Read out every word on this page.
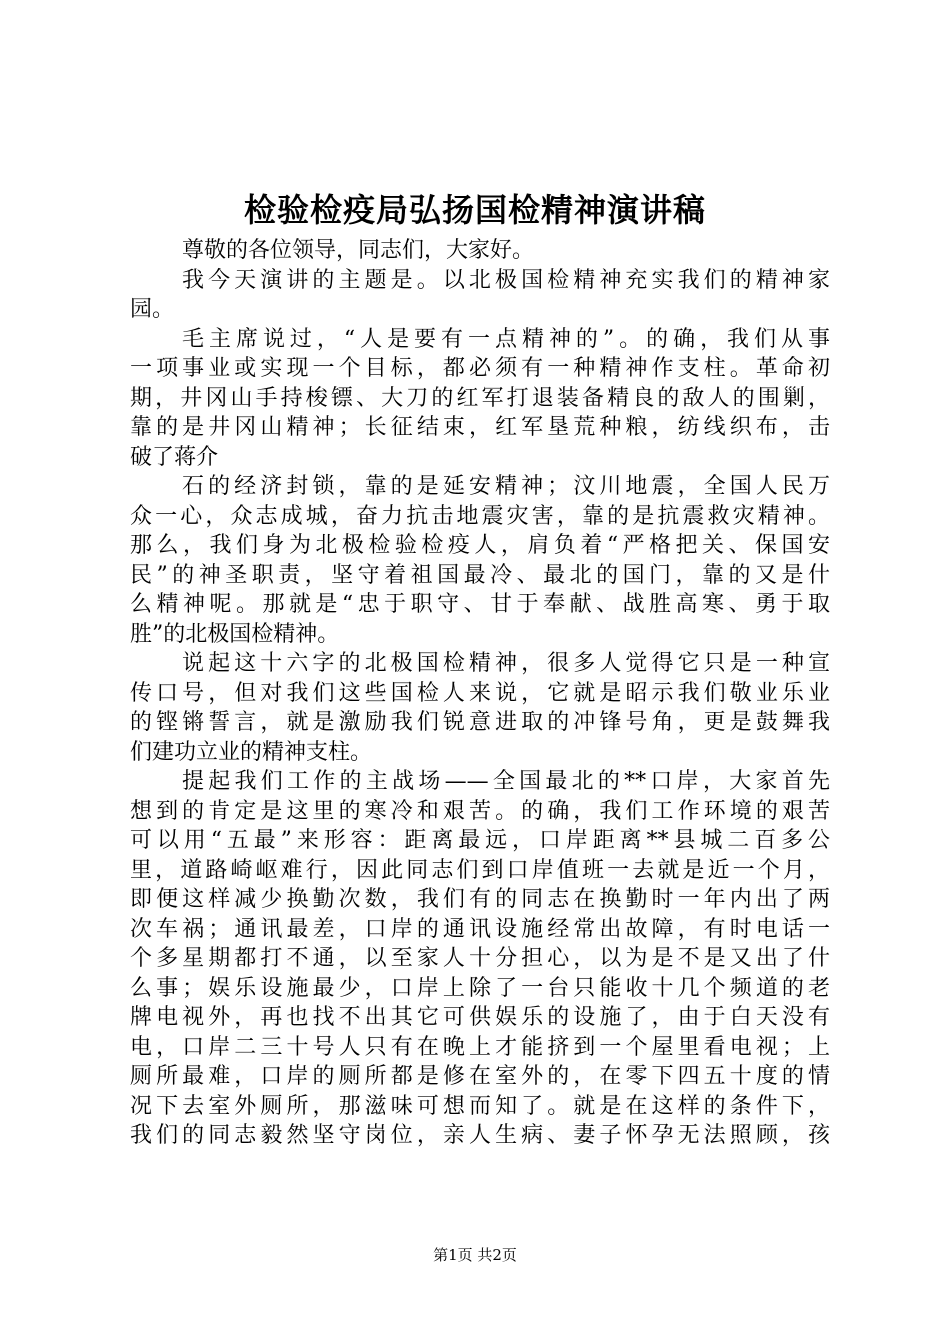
检验检疫局弘扬国检精神演讲稿
尊敬的各位领导，同志们，大家好。
我今天演讲的主题是。以北极国检精神充实我们的精神家
园。
毛主席说过，“人是要有一点精神的”。的确，我们从事
一项事业或实现一个目标，都必须有一种精神作支柱。革命初
期，井冈山手持梭镖、大刀的红军打退装备精良的敌人的围剿，
靠的是井冈山精神；长征结束，红军垦荒种粮，纺线织布，击
破了蒋介
石的经济封锁，靠的是延安精神；汶川地震，全国人民万
众一心，众志成城，奋力抗击地震灾害，靠的是抗震救灾精神。
那么，我们身为北极检验检疫人，肩负着“严格把关、保国安
民”的神圣职责，坚守着祖国最冷、最北的国门，靠的又是什
么精神呢。那就是“忠于职守、甘于奉献、战胜高寒、勇于取
胜”的北极国检精神。
说起这十六字的北极国检精神，很多人觉得它只是一种宣
传口号，但对我们这些国检人来说，它就是昭示我们敬业乐业
的铿锵誓言，就是激励我们锐意进取的冲锋号角，更是鼓舞我
们建功立业的精神支柱。
提起我们工作的主战场——全国最北的**口岸，大家首先
想到的肯定是这里的寒冷和艰苦。的确，我们工作环境的艰苦
可以用“五最”来形容：距离最远，口岸距离**县城二百多公
里，道路崎岖难行，因此同志们到口岸值班一去就是近一个月，
即便这样减少换勤次数，我们有的同志在换勤时一年内出了两
次车祸；通讯最差，口岸的通讯设施经常出故障，有时电话一
个多星期都打不通，以至家人十分担心，以为是不是又出了什
么事；娱乐设施最少，口岸上除了一台只能收十几个频道的老
牌电视外，再也找不出其它可供娱乐的设施了，由于白天没有
电，口岸二三十号人只有在晚上才能挤到一个屋里看电视；上
厕所最难，口岸的厕所都是修在室外的，在零下四五十度的情
况下去室外厕所，那滋味可想而知了。就是在这样的条件下，
我们的同志毅然坚守岗位，亲人生病、妻子怀孕无法照顾，孩
第1页 共2页
